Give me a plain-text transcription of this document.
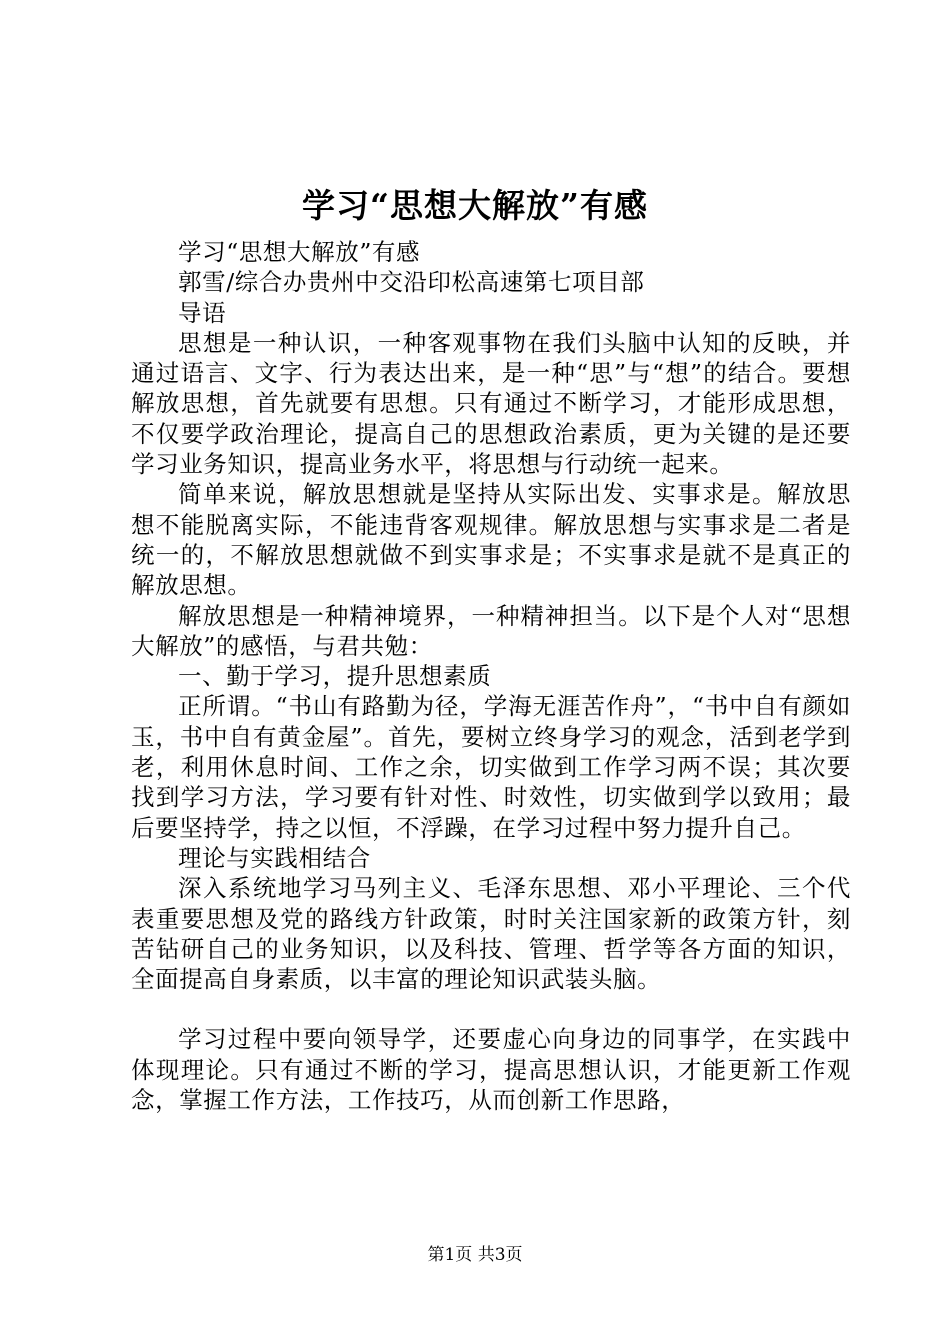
学习“思想大解放”有感

学习“思想大解放”有感

郭雪/综合办贵州中交沿印松高速第七项目部

导语

思想是一种认识，一种客观事物在我们头脑中认知的反映，并通过语言、文字、行为表达出来，是一种“思”与“想”的结合。要想解放思想，首先就要有思想。只有通过不断学习，才能形成思想，不仅要学政治理论，提高自己的思想政治素质，更为关键的是还要学习业务知识，提高业务水平，将思想与行动统一起来。

简单来说，解放思想就是坚持从实际出发、实事求是。解放思想不能脱离实际，不能违背客观规律。解放思想与实事求是二者是统一的，不解放思想就做不到实事求是；不实事求是就不是真正的解放思想。

解放思想是一种精神境界，一种精神担当。以下是个人对“思想大解放”的感悟，与君共勉：

一、勤于学习，提升思想素质

正所谓。“书山有路勤为径，学海无涯苦作舟”，“书中自有颜如玉，书中自有黄金屋”。首先，要树立终身学习的观念，活到老学到老，利用休息时间、工作之余，切实做到工作学习两不误；其次要找到学习方法，学习要有针对性、时效性，切实做到学以致用；最后要坚持学，持之以恒，不浮躁，在学习过程中努力提升自己。

理论与实践相结合

深入系统地学习马列主义、毛泽东思想、邓小平理论、三个代表重要思想及党的路线方针政策，时时关注国家新的政策方针，刻苦钻研自己的业务知识，以及科技、管理、哲学等各方面的知识，全面提高自身素质，以丰富的理论知识武装头脑。

学习过程中要向领导学，还要虚心向身边的同事学，在实践中体现理论。只有通过不断的学习，提高思想认识，才能更新工作观念，掌握工作方法，工作技巧，从而创新工作思路，

第1页 共3页
